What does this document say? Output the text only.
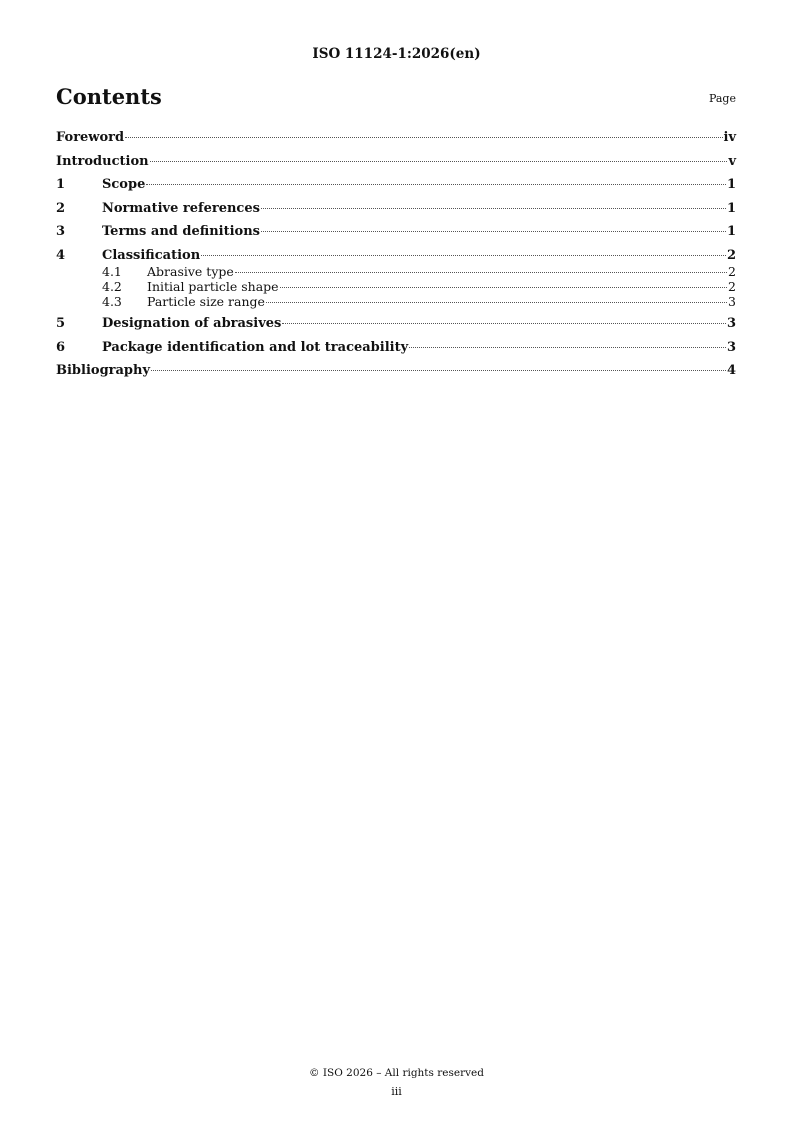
ISO 11124-1:2026(en)
Contents	Page
Foreword	iv
Introduction	v
1	Scope	1
2	Normative references	1
3	Terms and definitions	1
4	Classification	2
4.1	Abrasive type	2
4.2	Initial particle shape	2
4.3	Particle size range	3
5	Designation of abrasives	3
6	Package identification and lot traceability	3
Bibliography	4
© ISO 2026 – All rights reserved
iii
